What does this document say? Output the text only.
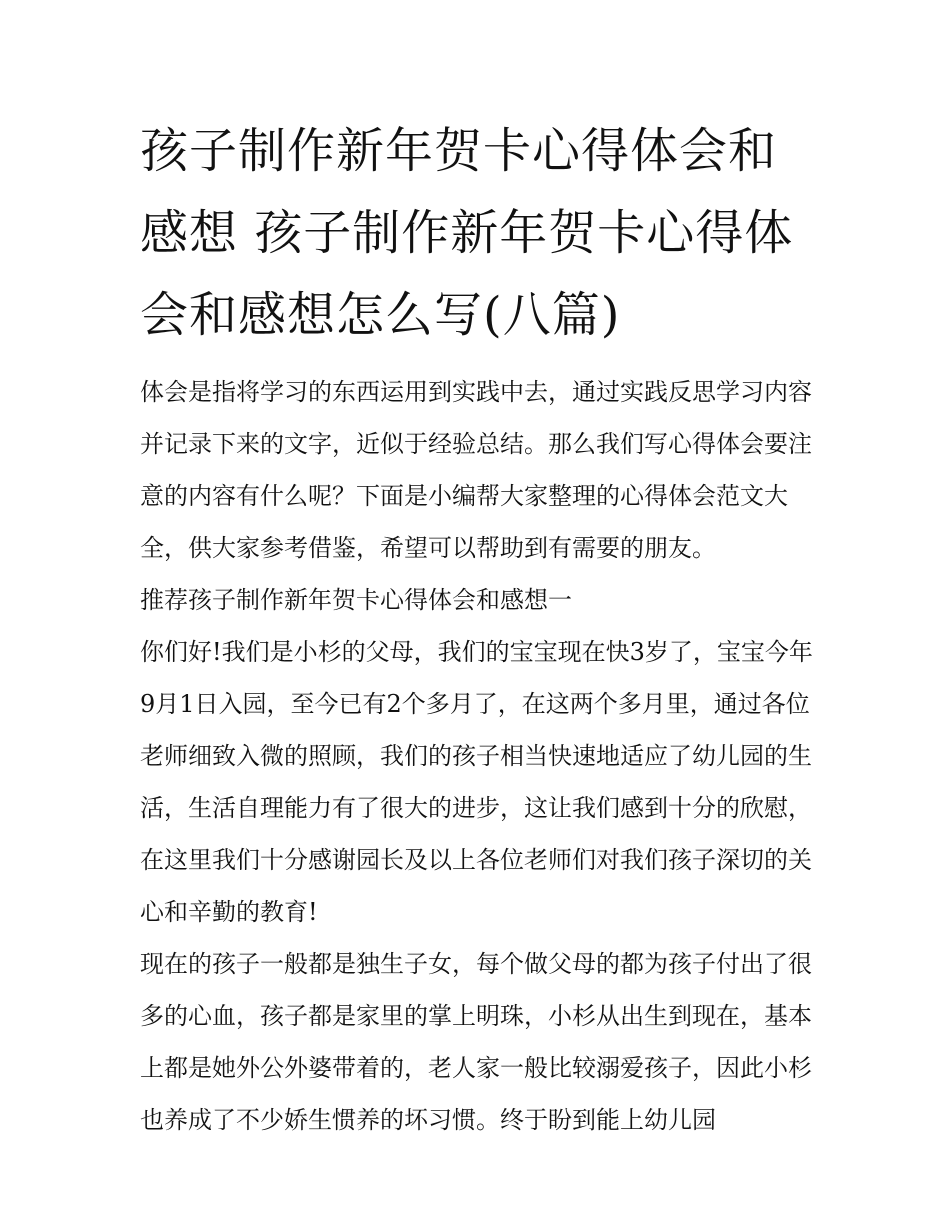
孩子制作新年贺卡心得体会和感想 孩子制作新年贺卡心得体会和感想怎么写(八篇)

体会是指将学习的东西运用到实践中去，通过实践反思学习内容并记录下来的文字，近似于经验总结。那么我们写心得体会要注意的内容有什么呢？下面是小编帮大家整理的心得体会范文大全，供大家参考借鉴，希望可以帮助到有需要的朋友。

推荐孩子制作新年贺卡心得体会和感想一

你们好!我们是小杉的父母，我们的宝宝现在快3岁了，宝宝今年9月1日入园，至今已有2个多月了，在这两个多月里，通过各位老师细致入微的照顾，我们的孩子相当快速地适应了幼儿园的生活，生活自理能力有了很大的进步，这让我们感到十分的欣慰，在这里我们十分感谢园长及以上各位老师们对我们孩子深切的关心和辛勤的教育!

现在的孩子一般都是独生子女，每个做父母的都为孩子付出了很多的心血，孩子都是家里的掌上明珠，小杉从出生到现在，基本上都是她外公外婆带着的，老人家一般比较溺爱孩子，因此小杉也养成了不少娇生惯养的坏习惯。终于盼到能上幼儿园
